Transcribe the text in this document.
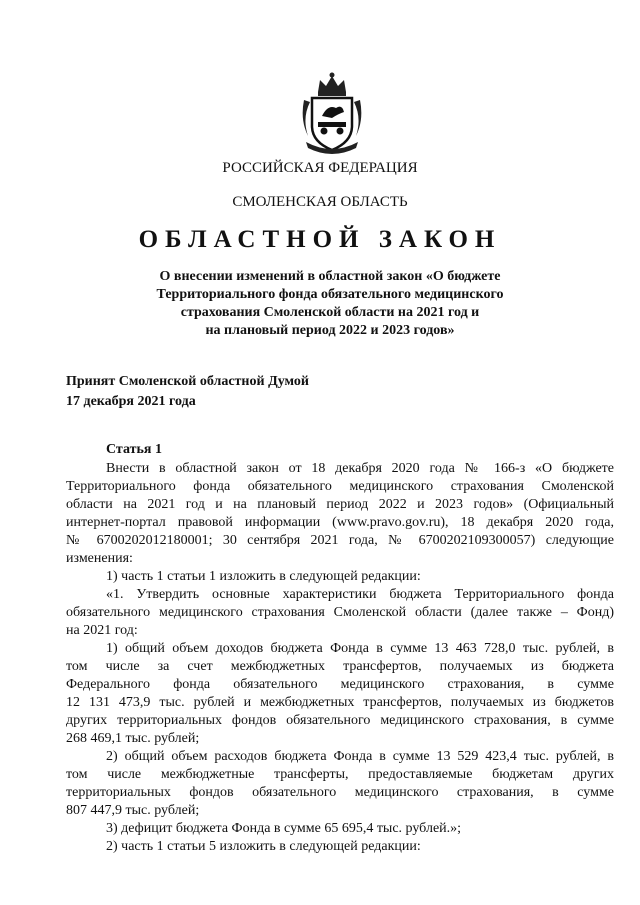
РОССИЙСКАЯ ФЕДЕРАЦИЯ
СМОЛЕНСКАЯ ОБЛАСТЬ
ОБЛАСТНОЙ ЗАКОН
О внесении изменений в областной закон «О бюджете
Территориального фонда обязательного медицинского
страхования Смоленской области на 2021 год и
на плановый период 2022 и 2023 годов»
Принят Смоленской областной Думой
17 декабря 2021 года
Статья 1
Внести в областной закон от 18 декабря 2020 года № 166-з «О бюджете
Территориального фонда обязательного медицинского страхования Смоленской
области на 2021 год и на плановый период 2022 и 2023 годов» (Официальный
интернет-портал правовой информации (www.pravo.gov.ru), 18 декабря 2020 года,
№ 6700202012180001; 30 сентября 2021 года, № 6700202109300057) следующие
изменения:
1) часть 1 статьи 1 изложить в следующей редакции:
«1. Утвердить основные характеристики бюджета Территориального фонда
обязательного медицинского страхования Смоленской области (далее также – Фонд)
на 2021 год:
1) общий объем доходов бюджета Фонда в сумме 13 463 728,0 тыс. рублей, в
том числе за счет межбюджетных трансфертов, получаемых из бюджета
Федерального фонда обязательного медицинского страхования, в сумме
12 131 473,9 тыс. рублей и межбюджетных трансфертов, получаемых из бюджетов
других территориальных фондов обязательного медицинского страхования, в сумме
268 469,1 тыс. рублей;
2) общий объем расходов бюджета Фонда в сумме 13 529 423,4 тыс. рублей, в
том числе межбюджетные трансферты, предоставляемые бюджетам других
территориальных фондов обязательного медицинского страхования, в сумме
807 447,9 тыс. рублей;
3) дефицит бюджета Фонда в сумме 65 695,4 тыс. рублей.»;
2) часть 1 статьи 5 изложить в следующей редакции:
